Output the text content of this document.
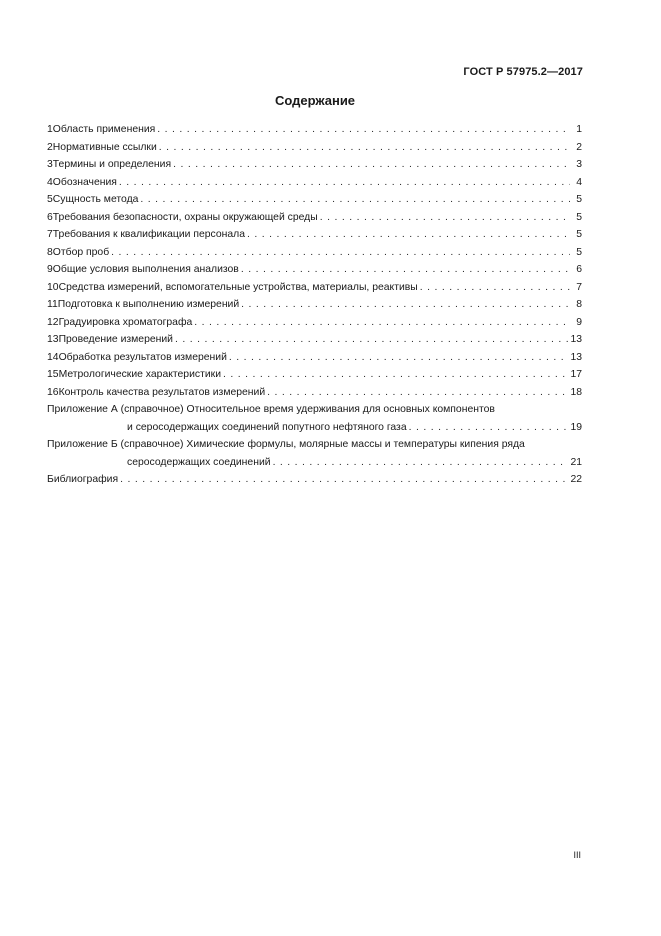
ГОСТ Р 57975.2—2017
Содержание
1 Область применения . . .	1
2 Нормативные ссылки . . .	2
3 Термины и определения . . .	3
4 Обозначения . . .	4
5 Сущность метода . . .	5
6 Требования безопасности, охраны окружающей среды . . .	5
7 Требования к квалификации персонала . . .	5
8 Отбор проб . . .	5
9 Общие условия выполнения анализов . . .	6
10 Средства измерений, вспомогательные устройства, материалы, реактивы . . .	7
11 Подготовка к выполнению измерений . . .	8
12 Градуировка хроматографа . . .	9
13 Проведение измерений . . .	13
14 Обработка результатов измерений . . .	13
15 Метрологические характеристики . . .	17
16 Контроль качества результатов измерений . . .	18
Приложение А (справочное) Относительное время удерживания для основных компонентов
и серосодержащих соединений попутного нефтяного газа . . .	19
Приложение Б (справочное) Химические формулы, молярные массы и температуры кипения ряда
серосодержащих соединений . . .	21
Библиография . . .	22
III
